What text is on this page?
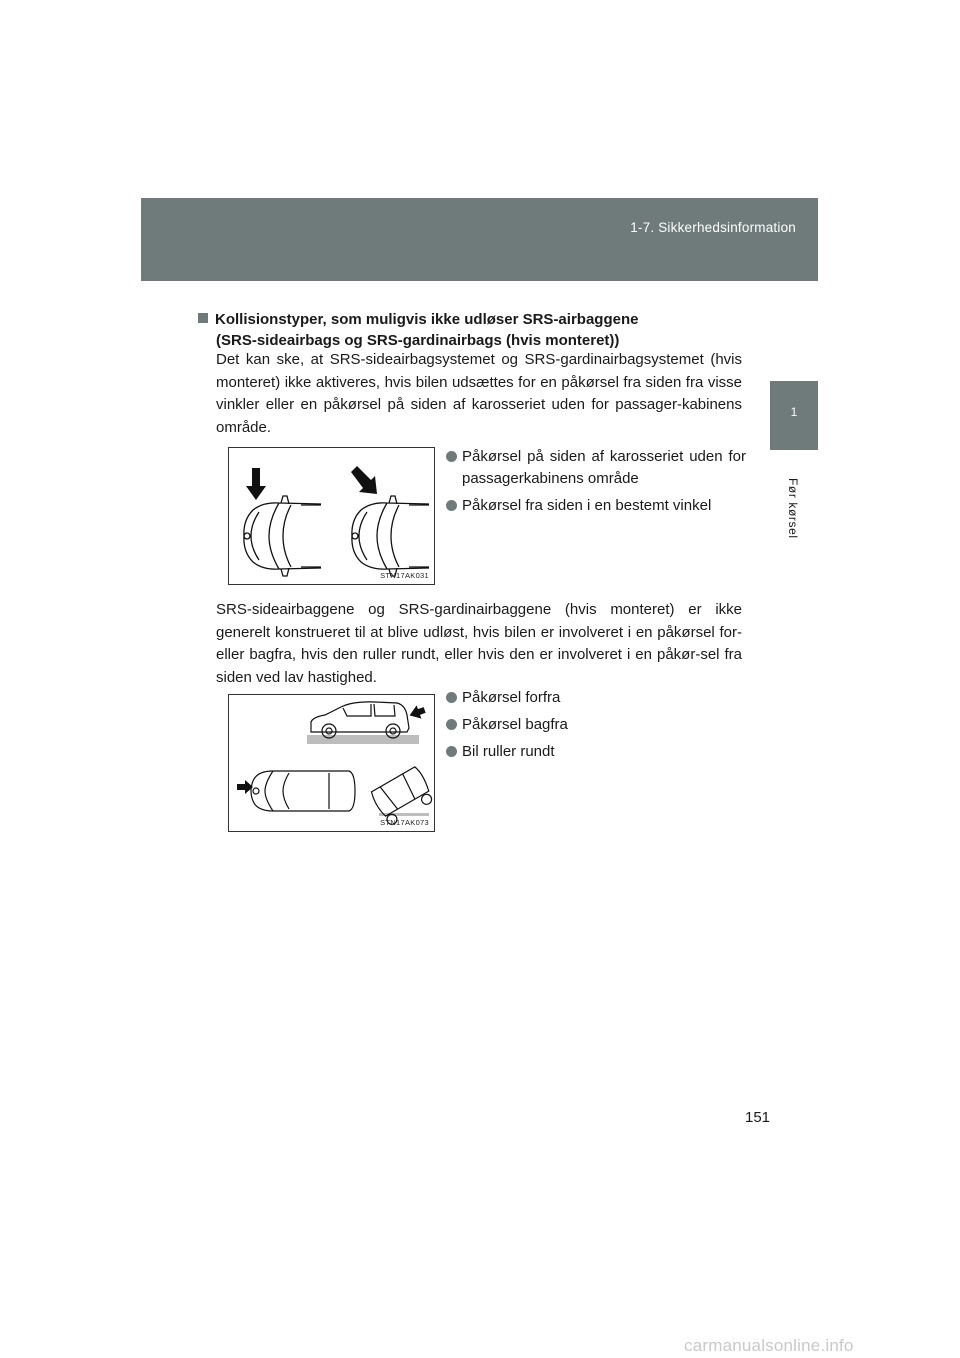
1-7. Sikkerhedsinformation
1
Før kørsel
Kollisionstyper, som muligvis ikke udløser SRS-airbaggene
(SRS-sideairbags og SRS-gardinairbags (hvis monteret))
Det kan ske, at SRS-sideairbagsystemet og SRS-gardinairbagsystemet (hvis monteret) ikke aktiveres, hvis bilen udsættes for en påkørsel fra siden fra visse vinkler eller en påkørsel på siden af karosseriet uden for passager-kabinens område.
STN17AK031
Påkørsel på siden af karosseriet uden for passagerkabinens område
Påkørsel fra siden i en bestemt vinkel
SRS-sideairbaggene og SRS-gardinairbaggene (hvis monteret) er ikke generelt konstrueret til at blive udløst, hvis bilen er involveret i en påkørsel for- eller bagfra, hvis den ruller rundt, eller hvis den er involveret i en påkør-sel fra siden ved lav hastighed.
STN17AK073
Påkørsel forfra
Påkørsel bagfra
Bil ruller rundt
151
carmanualsonline.info
